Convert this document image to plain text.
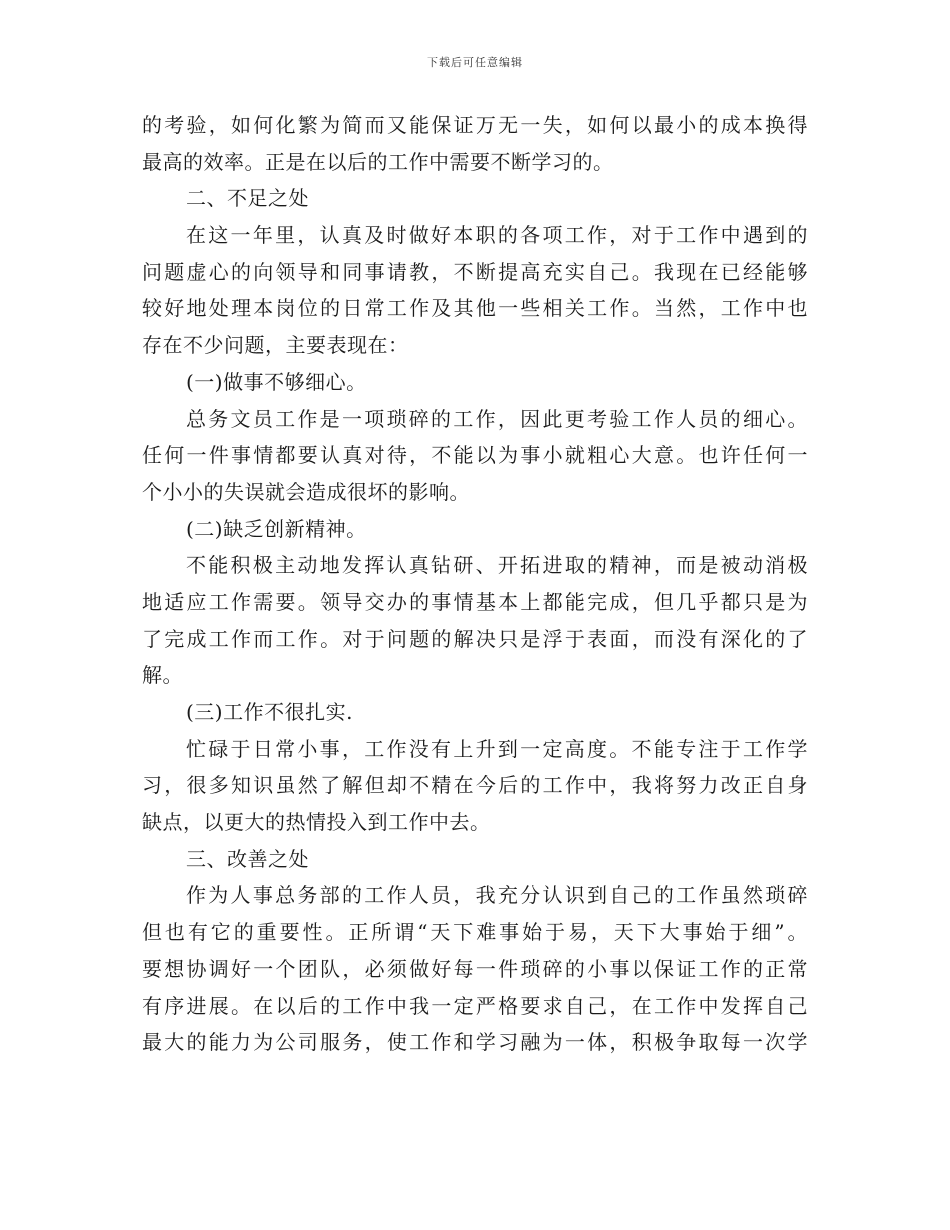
下载后可任意编辑
的考验，如何化繁为简而又能保证万无一失，如何以最小的成本换得
最高的效率。正是在以后的工作中需要不断学习的。
二、不足之处
在这一年里，认真及时做好本职的各项工作，对于工作中遇到的
问题虚心的向领导和同事请教，不断提高充实自己。我现在已经能够
较好地处理本岗位的日常工作及其他一些相关工作。当然，工作中也
存在不少问题，主要表现在：
(一)做事不够细心。
总务文员工作是一项琐碎的工作，因此更考验工作人员的细心。
任何一件事情都要认真对待，不能以为事小就粗心大意。也许任何一
个小小的失误就会造成很坏的影响。
(二)缺乏创新精神。
不能积极主动地发挥认真钻研、开拓进取的精神，而是被动消极
地适应工作需要。领导交办的事情基本上都能完成，但几乎都只是为
了完成工作而工作。对于问题的解决只是浮于表面，而没有深化的了
解。
(三)工作不很扎实.
忙碌于日常小事，工作没有上升到一定高度。不能专注于工作学
习，很多知识虽然了解但却不精在今后的工作中，我将努力改正自身
缺点，以更大的热情投入到工作中去。
三、改善之处
作为人事总务部的工作人员，我充分认识到自己的工作虽然琐碎
但也有它的重要性。正所谓“天下难事始于易，天下大事始于细”。
要想协调好一个团队，必须做好每一件琐碎的小事以保证工作的正常
有序进展。在以后的工作中我一定严格要求自己，在工作中发挥自己
最大的能力为公司服务，使工作和学习融为一体，积极争取每一次学
